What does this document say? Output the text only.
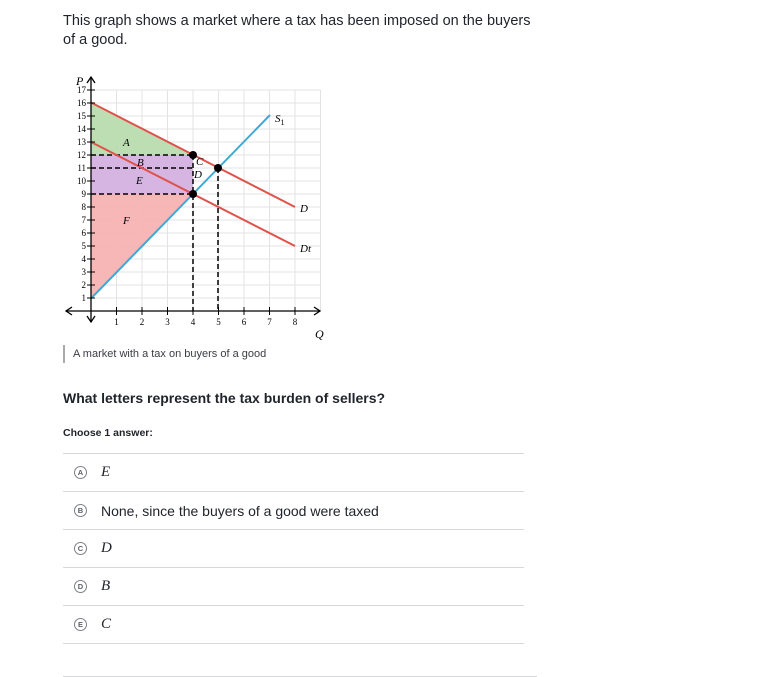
This graph shows a market where a tax has been imposed on the buyers of a good.
1
2
3
4
5
6
7
8
9
10
11
12
13
14
15
16
17
1 2 3 4 5 6 7 8
P
Q
$S_1$
D
Dt
A
B	C
D
E
F
A market with a tax on buyers of a good
What letters represent the tax burden of sellers?
Choose 1 answer:
A E
B None, since the buyers of a good were taxed
C D
D B
E C
